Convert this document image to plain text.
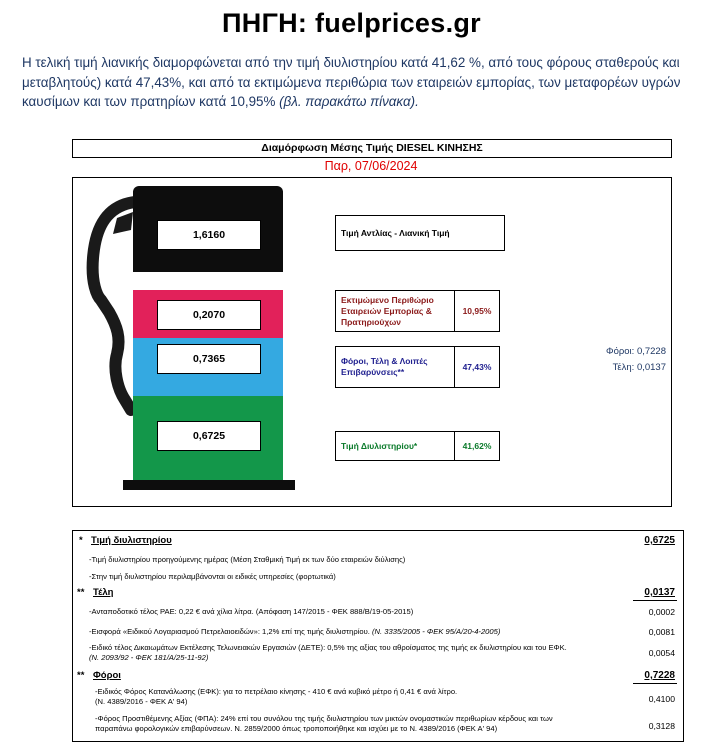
ΠΗΓΗ: fuelprices.gr
Η τελική τιμή λιανικής διαμορφώνεται από την τιμή διυλιστηρίου κατά 41,62 %, από τους φόρους σταθερούς και μεταβλητούς) κατά 47,43%, και από τα εκτιμώμενα περιθώρια των εταιρειών εμπορίας, των μεταφορέων υγρών καυσίμων και των πρατηρίων κατά 10,95% (βλ. παρακάτω πίνακα).
Διαμόρφωση Μέσης Τιμής DIESEL ΚΙΝΗΣΗΣ
Παρ, 07/06/2024
1,6160
0,2070
0,7365
0,6725
Τιμή Αντλίας - Λιανική Τιμή
Εκτιμώμενο Περιθώριο Εταιρειών Εμπορίας & Πρατηριούχων
10,95%
Φόροι, Τέλη & Λοιπές Επιβαρύνσεις**	47,43%
Τιμή Διυλιστηρίου*	41,62%
Φόροι: 0,7228
Τέλη: 0,0137
* Τιμή διυλιστηρίου	0,6725
-Τιμή διυλιστηρίου προηγούμενης ημέρας (Μέση Σταθμική Τιμή εκ των δύο εταιρειών διύλισης)
-Στην τιμή διυλιστηρίου περιλαμβάνονται οι ειδικές υπηρεσίες (φορτωτικά)
** Τέλη	0,0137
-Ανταποδοτικό τέλος ΡΑΕ: 0,22 € ανά χίλια λίτρα. (Απόφαση 147/2015 - ΦΕΚ 888/Β/19-05-2015)	0,0002
-Εισφορά «Ειδικού Λογαριασμού Πετρελαιοειδών»: 1,2% επί της τιμής διυλιστηρίου. (Ν. 3335/2005 - ΦΕΚ 95/Α/20-4-2005)	0,0081
-Ειδικό τέλος Δικαιωμάτων Εκτέλεσης Τελωνειακών Εργασιών (ΔΕΤΕ): 0,5% της αξίας του αθροίσματος της τιμής εκ διυλιστηρίου και του ΕΦΚ.
(Ν. 2093/92 - ΦΕΚ 181/Α/25-11-92)	0,0054
** Φόροι	0,7228
-Ειδικός Φόρος Κατανάλωσης (ΕΦΚ): για το πετρέλαιο κίνησης - 410 € ανά κυβικό μέτρο ή 0,41 € ανά λίτρο.
(Ν. 4389/2016 - ΦΕΚ Α' 94)	0,4100
-Φόρος Προστιθέμενης Αξίας (ΦΠΑ): 24% επί του συνόλου της τιμής διυλιστηρίου των μικτών ονομαστικών περιθωρίων κέρδους και των
παραπάνω φορολογικών επιβαρύνσεων. Ν. 2859/2000 όπως τροποποιήθηκε και ισχύει με το Ν. 4389/2016 (ΦΕΚ Α' 94)	0,3128
